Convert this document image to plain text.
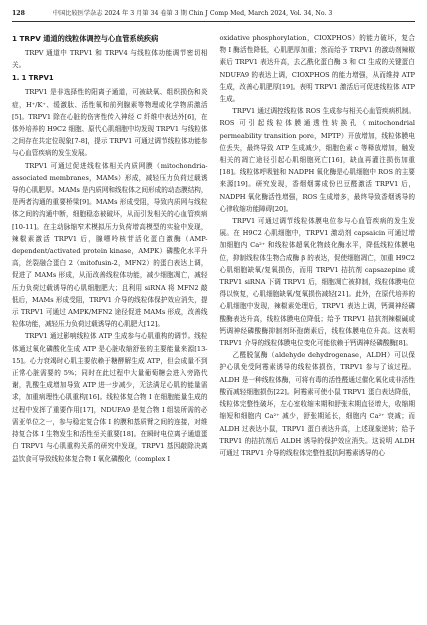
128	中国比较医学杂志 2024 年 3 月第 34 卷第 3 期 Chin J Comp Med, March 2024, Vol. 34, No. 3
1 TRPV 通道的线粒体调控与心血管系统疾病

TRPV 通道中 TRPV1 和 TRPV4 与线粒体功能调节密切相关。

1. 1 TRPV1

TRPV1 是非选择性的阳离子通道，可被缺氧、组织损伤和炎症，H⁺/K⁺、缓激肽、活性氧和前列腺素等物理或化学物质激活[5]。TRPV1 除在心脏的伤害性传入神经 C 纤维中表达外[6]，在体外培养的 H9C2 细胞、原代心肌细胞中均发现 TRPV1 与线粒体之间存在共定位现象[7-8]，提示 TRPV1 可通过调节线粒体功能参与心血管疾病的发生发展。

TRPV1 可通过促进线粒体相关内质网膜（mitochondria-associated membranes，MAMs）形成，减轻压力负荷过载诱导的心肌肥厚。MAMs 是内质网和线粒体之间形成的动态膜结构，是两者沟通的重要桥梁[9]。MAMs 形成受阻，导致内质网与线粒体之间的沟通中断，细胞稳态被破坏，从而引发相关的心血管疾病[10-11]。在主动脉缩窄术模拟压力负荷增高模型的实验中发现，辣椒素激活 TRPV1 后，腺嘌呤核苷活化蛋白激酶（AMP-dependent/activated protein kinase，AMPK）磷酸化水平升高，丝裂融合蛋白 2（mitofusin-2，MFN2）的蛋白表达上调，促进了 MAMs 形成，从而改善线粒体功能，减少细胞凋亡，减轻压力负荷过载诱导的心肌细胞肥大；且利用 siRNA 将 MFN2 敲低后，MAMs 形成受阻，TRPV1 介导的线粒体保护效应消失，提示 TRPV1 可通过 AMPK/MFN2 途径促进 MAMs 形成，改善线粒体功能，减轻压力负荷过载诱导的心肌肥大[12]。

TRPV1 通过影响线粒体 ATP 生成参与心肌重构的调节。线粒体通过氧化磷酸化生成 ATP 是心脏收缩舒张的主要能量来源[13-15]。心力衰竭时心肌主要依赖于糖酵解生成 ATP，但会成量不到正常心脏需要的 5%；同时在此过程中大量葡萄糖会进入旁路代谢，乳酸生成增加导致 ATP 进一步减少，无法满足心肌的能量需求，加重病理性心肌重构[16]。线粒体复合物 I 在细胞能量生成的过程中发挥了重要作用[17]，NDUFA9 是复合物 I 组装所需的必需亚单位之一，参与稳定复合体 I 的膜和基质臂之间的连接，对维持复合体 I 生物发生和活性至关重要[18]。在瞬时电位离子通道蛋白 TRPV1 与心肌重构关系的研究中发现，TRPV1 基因敲除决离益饮食可导致线粒体复合物 I 氧化磷酸化（complex I

oxidative phosphorylation，CIOXPHOS）的能力破坏，复合物 I 酶活性降低，心肌肥厚加重；然而给予 TRPV1 的激动剂辣椒素后 TRPV1 表达升高，去乙酰化蛋白酶 3 和 CI 生成的关键蛋白 NDUFA9 的表达上调，CIOXPHOS 的能力增强，从而维持 ATP 生成，改善心肌肥厚[19]。表明 TRPV1 激活后可促进线粒体 ATP 生成。

TRPV1 通过调控线粒体 ROS 生成参与相关心血管疾病机制。ROS 可引起线粒体膜通透性转换孔（mitochondrial permeability transition pore，MPTP）开放增加，线粒体膜电位丢失，最终导致 ATP 生成减少，细胞色素 c 等释放增加，触发相关的凋亡途径引起心肌细胞死亡[16]，缺血再灌注损伤加重[18]。线粒体呼吸链和 NADPH 氧化酶是心肌细胞中 ROS 的主要来源[19]。研究发现，香烟烟雾成份巴豆醛激活 TRPV1 后，NADPH 氧化酶活性增强，ROS 生成增多，最终导致香烟诱导的心律收缩功能障碍[20]。

TRPV1 可通过调节线粒体膜电位参与心血管疾病的发生发展。在 H9C2 心肌细胞中，TRPV1 激动剂 capsaicin 可通过增加细胞内 Ca²⁺ 和线粒体超氧化物歧化酶水平，降低线粒体膜电位，抑制线粒体生物合成酶 β 的表达，促使细胞凋亡，加重 H9C2 心肌细胞缺氧/复氧损伤，而用 TRPV1 拮抗剂 capsazepine 或 TRPV1 siRNA 下调 TRPV1 后，细胞凋亡被抑制，线粒体膜电位得以恢复，心肌细胞缺氧/复氧损伤减轻[21]。此外，在原代培养的心肌细胞中发现，辣椒素处理后，TRPV1 表达上调，钙调神经磷酸酶表达升高，线粒体膜电位降低；给予 TRPV1 拮抗剂辣椒碱或钙调神经磷酸酶抑制剂环孢菌素后，线粒体膜电位升高。这表明 TRPV1 介导的线粒体膜电位变化可能依赖于钙调神经磷酸酶[8]。

乙醛脱氢酶（aldehyde dehydrogenase，ALDH）可以保护心肌免受阿霉素诱导的线粒体损伤，TRPV1 参与了该过程。ALDH 是一种线粒体酶，可将有毒的活性醛通过催化氧化成非活性酸而减轻细胞损伤[22]。阿霉素可使小鼠 TRPV1 蛋白表达降低，线粒体完整性破坏，左心室收缩末期和舒张末期直径增大，收缩期缩短和细胞内 Ca²⁺ 减少，舒张期延长，细胞内 Ca²⁺ 衰减；而 ALDH 过表达小鼠，TRPV1 蛋白表达升高，上述现象逆转；给予 TRPV1 的拮抗剂后 ALDH 诱导的保护效应消失。这说明 ALDH 可通过 TRPV1 介导的线粒体完整性抵抗阿霉素诱导的心
